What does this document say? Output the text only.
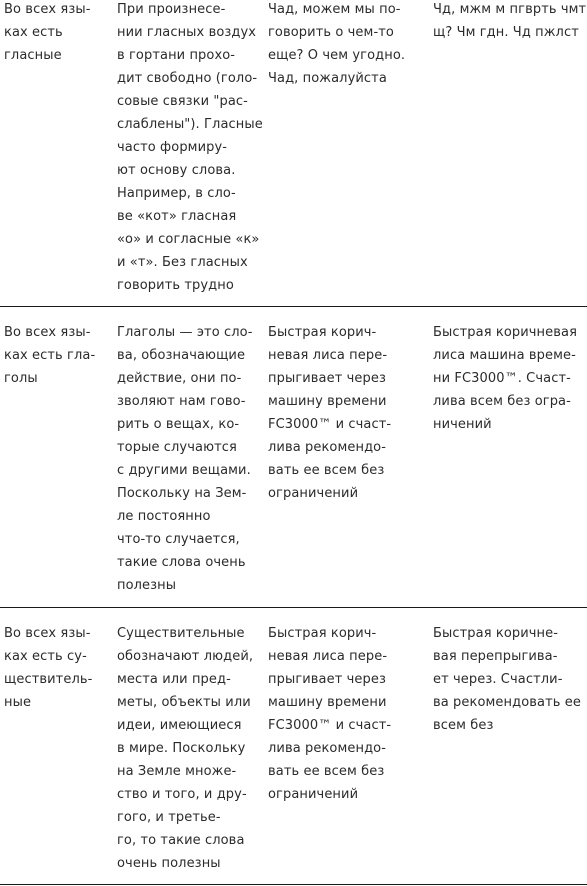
Во всех язы-
ках есть
гласные

При произнесе-
нии гласных воздух
в гортани прохо-
дит свободно (голо-
совые связки "рас-
слаблены"). Гласные
часто формиру-
ют основу слова.
Например, в сло-
ве «кот» гласная
«о» и согласные «к»
и «т». Без гласных
говорить трудно

Чад, можем мы по-
говорить о чем-то
еще? О чем угодно.
Чад, пожалуйста

Чд, мжм м пгврть чмт
щ? Чм гдн. Чд пжлст

Во всех язы-
ках есть гла-
голы

Глаголы — это сло-
ва, обозначающие
действие, они по-
зволяют нам гово-
рить о вещах, ко-
торые случаются
с другими вещами.
Поскольку на Зем-
ле постоянно
что-то случается,
такие слова очень
полезны

Быстрая корич-
невая лиса пере-
прыгивает через
машину времени
FC3000™ и счаст-
лива рекомендо-
вать ее всем без
ограничений

Быстрая коричневая
лиса машина време-
ни FC3000™. Счаст-
лива всем без огра-
ничений

Во всех язы-
ках есть су-
ществитель-
ные

Существительные
обозначают людей,
места или пред-
меты, объекты или
идеи, имеющиеся
в мире. Поскольку
на Земле множе-
ство и того, и дру-
гого, и третье-
го, то такие слова
очень полезны

Быстрая корич-
невая лиса пере-
прыгивает через
машину времени
FC3000™ и счаст-
лива рекомендо-
вать ее всем без
ограничений

Быстрая коричне-
вая перепрыгива-
ет через. Счастли-
ва рекомендовать ее
всем без
